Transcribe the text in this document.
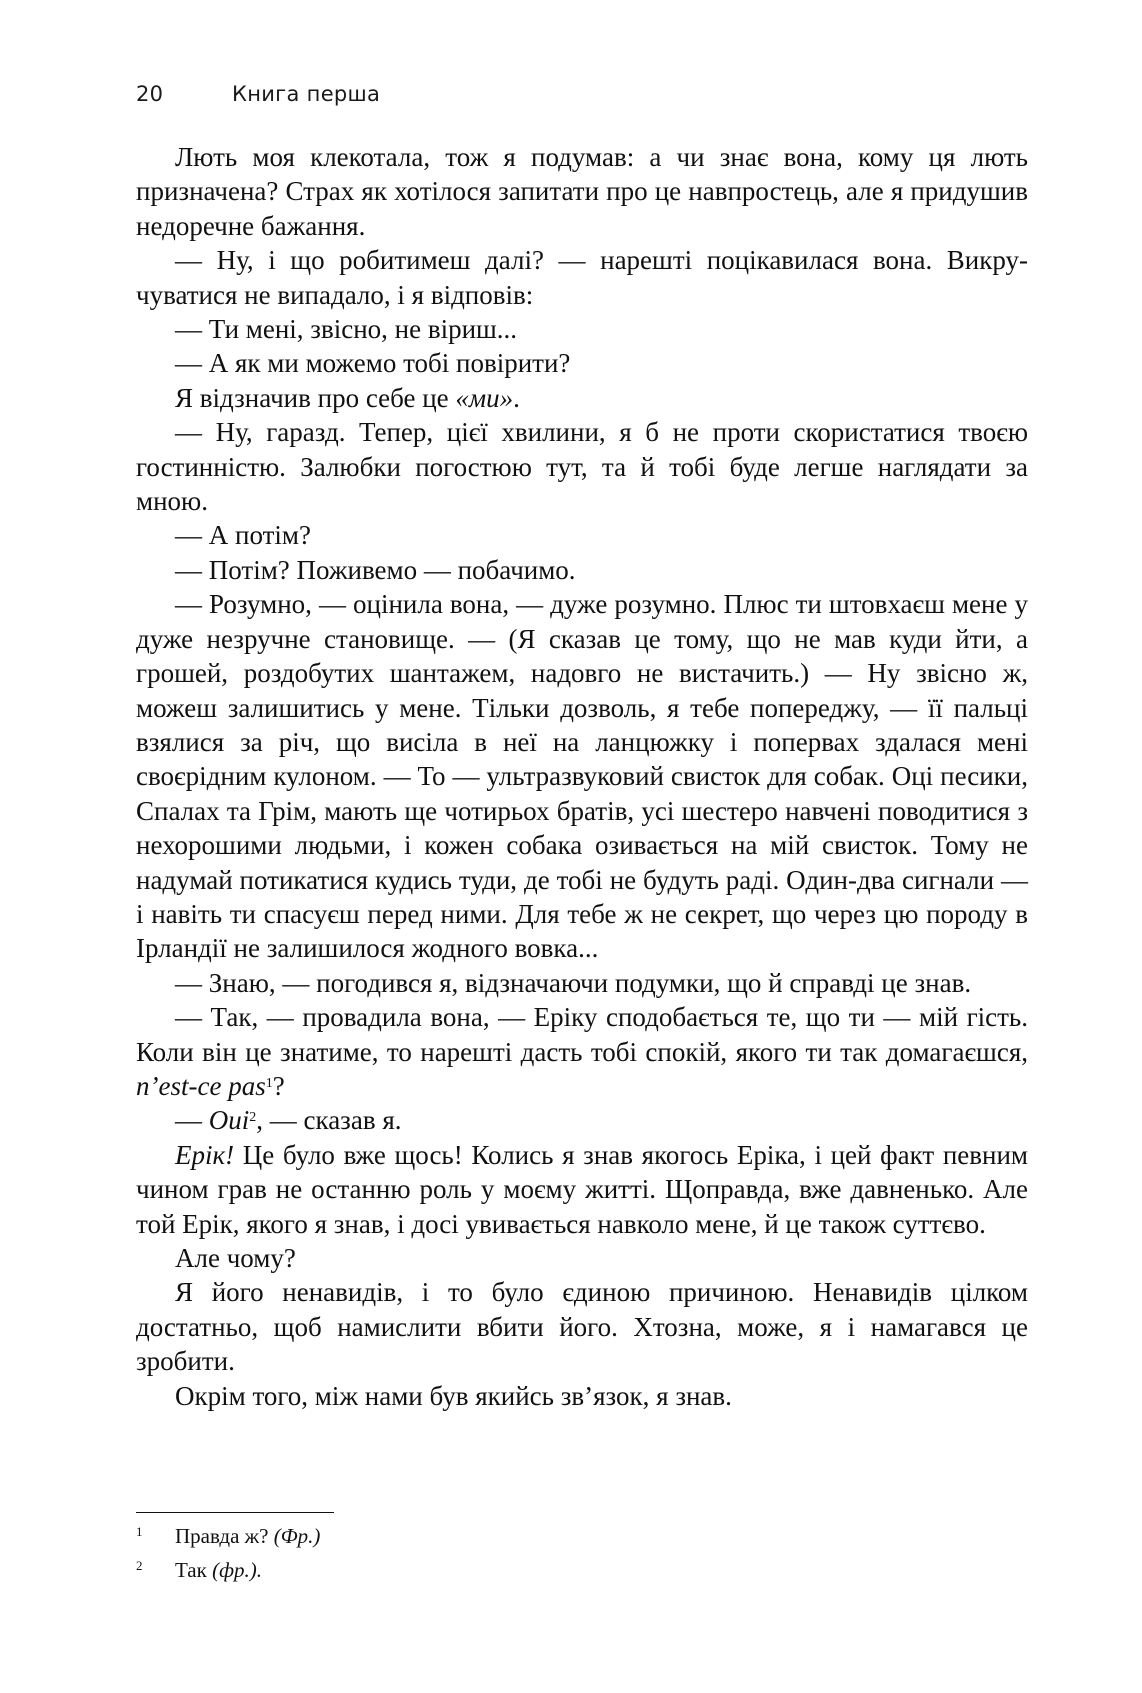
20	Книга перша

Лють моя клекотала, тож я подумав: а чи знає вона, кому ця лють призначена? Страх як хотілося запитати про це навпростець, але я придушив недоречне бажання.

— Ну, і що робитимеш далі? — нарешті поцікавилася вона. Викручуватися не випадало, і я відповів:

— Ти мені, звісно, не віриш...

— А як ми можемо тобі повірити?

Я відзначив про себе це «ми».

— Ну, гаразд. Тепер, цієї хвилини, я б не проти скористатися твоєю гостинністю. Залюбки погостюю тут, та й тобі буде легше наглядати за мною.

— А потім?

— Потім? Поживемо — побачимо.

— Розумно, — оцінила вона, — дуже розумно. Плюс ти штовхаєш мене у дуже незручне становище. — (Я сказав це тому, що не мав куди йти, а грошей, роздобутих шантажем, надовго не вистачить.) — Ну звісно ж, можеш залишитись у мене. Тільки дозволь, я тебе попереджу, — її пальці взялися за річ, що висіла в неї на ланцюжку і попервах здалася мені своєрідним кулоном. — То — ультразвуковий свисток для собак. Оці песики, Спалах та Грім, мають ще чотирьох братів, усі шестеро навчені поводитися з нехорошими людьми, і кожен собака озивається на мій свисток. Тому не надумай потикатися кудись туди, де тобі не будуть раді. Один-два сигнали — і навіть ти спасуєш перед ними. Для тебе ж не секрет, що через цю породу в Ірландії не залишилося жодного вовка...

— Знаю, — погодився я, відзначаючи подумки, що й справді це знав.

— Так, — провадила вона, — Еріку сподобається те, що ти — мій гість. Коли він це знатиме, то нарешті дасть тобі спокій, якого ти так домагаєшся, n’est-ce pas$^1$?

— Oui$^2$, — сказав я.

Ерік! Це було вже щось! Колись я знав якогось Еріка, і цей факт певним чином грав не останню роль у моєму житті. Щоправда, вже давненько. Але той Ерік, якого я знав, і досі увивається навколо мене, й це також суттєво.

Але чому?

Я його ненавидів, і то було єдиною причиною. Ненавидів цілком достатньо, щоб намислити вбити його. Хтозна, може, я і намагався це зробити.

Окрім того, між нами був якийсь зв’язок, я знав.

1 Правда ж? (Фр.)
2 Так (фр.).
